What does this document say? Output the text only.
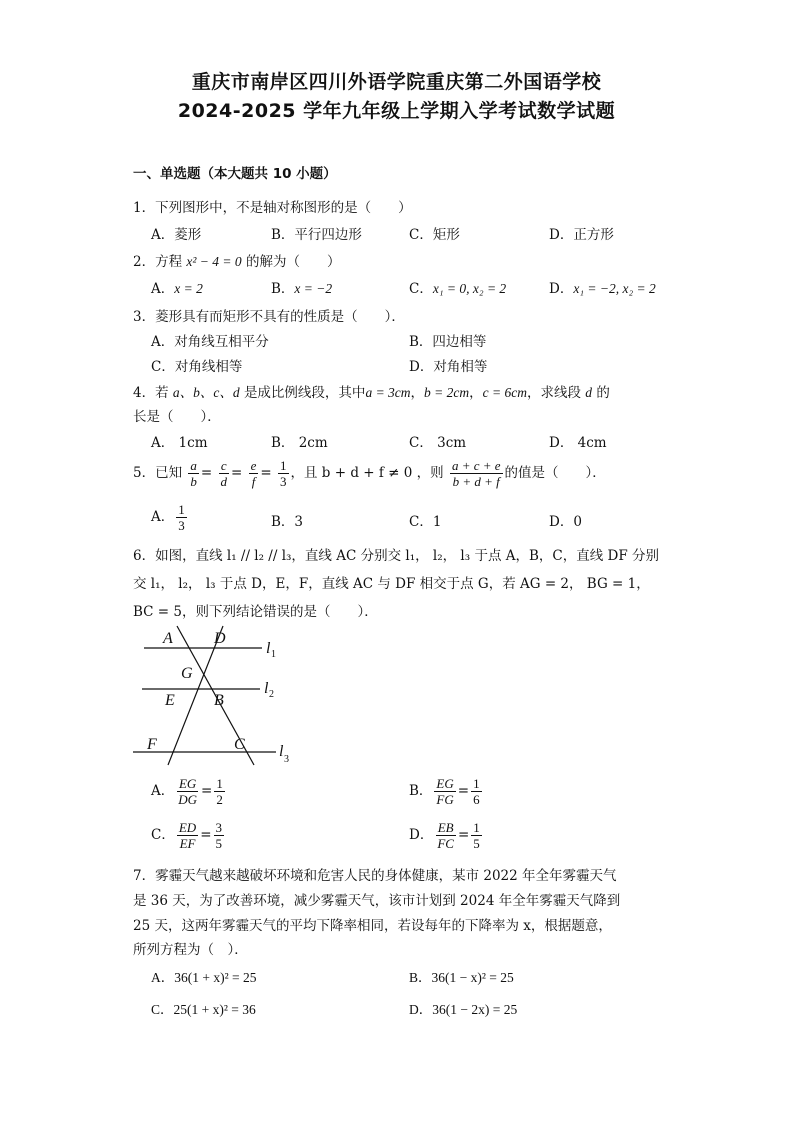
重庆市南岸区四川外语学院重庆第二外国语学校
2024-2025 学年九年级上学期入学考试数学试题
一、单选题（本大题共 10 小题）
1．下列图形中，不是轴对称图形的是（　　）
A．菱形	B．平行四边形	C．矩形	D．正方形
2．方程 x² − 4 = 0 的解为（　　）
A．x = 2	B．x = −2	C．x₁ = 0, x₂ = 2	D．x₁ = −2, x₂ = 2
3．菱形具有而矩形不具有的性质是（　　）．
A．对角线互相平分	B．四边相等
C．对角线相等	D．对角相等
4．若 a、b、c、d 是成比例线段，其中a = 3cm，b = 2cm，c = 6cm，求线段 d 的
长是（　　）．
A． 1cm	B． 2cm	C． 3cm	D． 4cm
5．已知 $\frac{a}{b} = \frac{c}{d} = \frac{e}{f} = \frac{1}{3}$ ，且 b + d + f ≠ 0 ，则 $\frac{a + c + e}{b + d + f}$ 的值是（　　）．
A． $\frac{1}{3}$	B．3	C．1	D．0
6．如图，直线 l₁ // l₂ // l₃，直线 AC 分别交 l₁， l₂， l₃ 于点 A，B，C，直线 DF 分别
交 l₁， l₂， l₃ 于点 D，E，F，直线 AC 与 DF 相交于点 G，若 AG = 2， BG = 1，
BC = 5，则下列结论错误的是（　　）．
A	D
G
E B
F	C
l 1
l 2
l 3
A． $\frac{EG}{DG} = \frac{1}{2}$	B． $\frac{EG}{FG} = \frac{1}{6}$
C． $\frac{ED}{EF} = \frac{3}{5}$	D． $\frac{EB}{FC} = \frac{1}{5}$
7．雾霾天气越来越破坏环境和危害人民的身体健康，某市 2022 年全年雾霾天气
是 36 天，为了改善环境，减少雾霾天气，该市计划到 2024 年全年雾霾天气降到
25 天，这两年雾霾天气的平均下降率相同，若设每年的下降率为 x，根据题意，
所列方程为（　）．
A．36(1 + x)² = 25	B．36(1 − x)² = 25
C．25(1 + x)² = 36	D．36(1 − 2x) = 25
